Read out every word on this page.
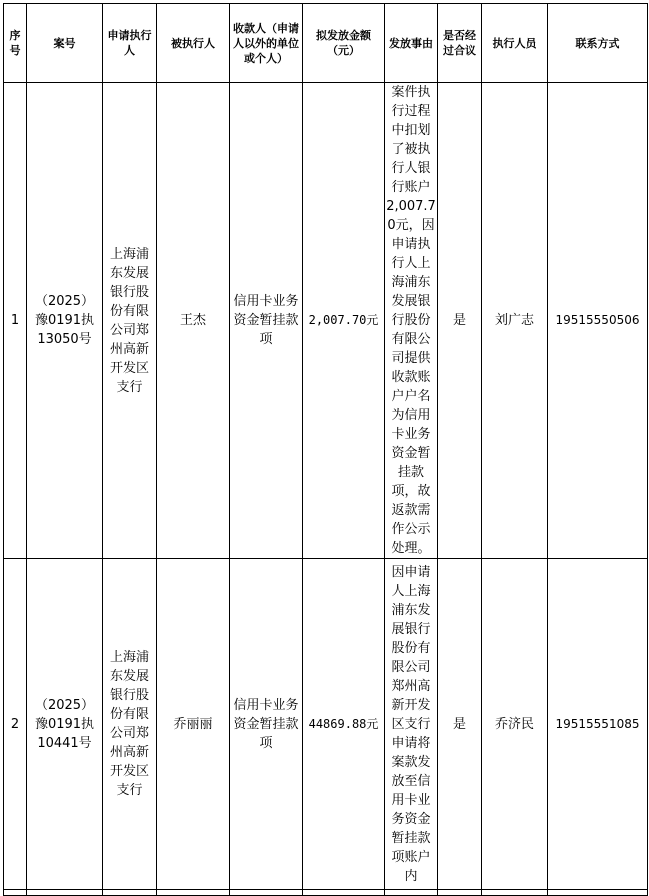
序号	案号	申请执行人	被执行人	收款人（申请人以外的单位或个人）	拟发放金额（元）	发放事由	是否经过合议	执行人员	联系方式
1	（2025）豫0191执13050号	上海浦东发展银行股份有限公司郑州高新开发区支行	王杰	信用卡业务资金暂挂款项	2,007.70元	案件执行过程中扣划了被执行人银行账户2,007.70元，因申请执行人上海浦东发展银行股份有限公司提供收款账户户名为信用卡业务资金暂挂款项，故返款需作公示处理。	是	刘广志	19515550506
2	（2025）豫0191执10441号	上海浦东发展银行股份有限公司郑州高新开发区支行	乔丽丽	信用卡业务资金暂挂款项	44869.88元	因申请人上海浦东发展银行股份有限公司郑州高新开发区支行申请将案款发放至信用卡业务资金暂挂款项账户内	是	乔济民	19515551085
